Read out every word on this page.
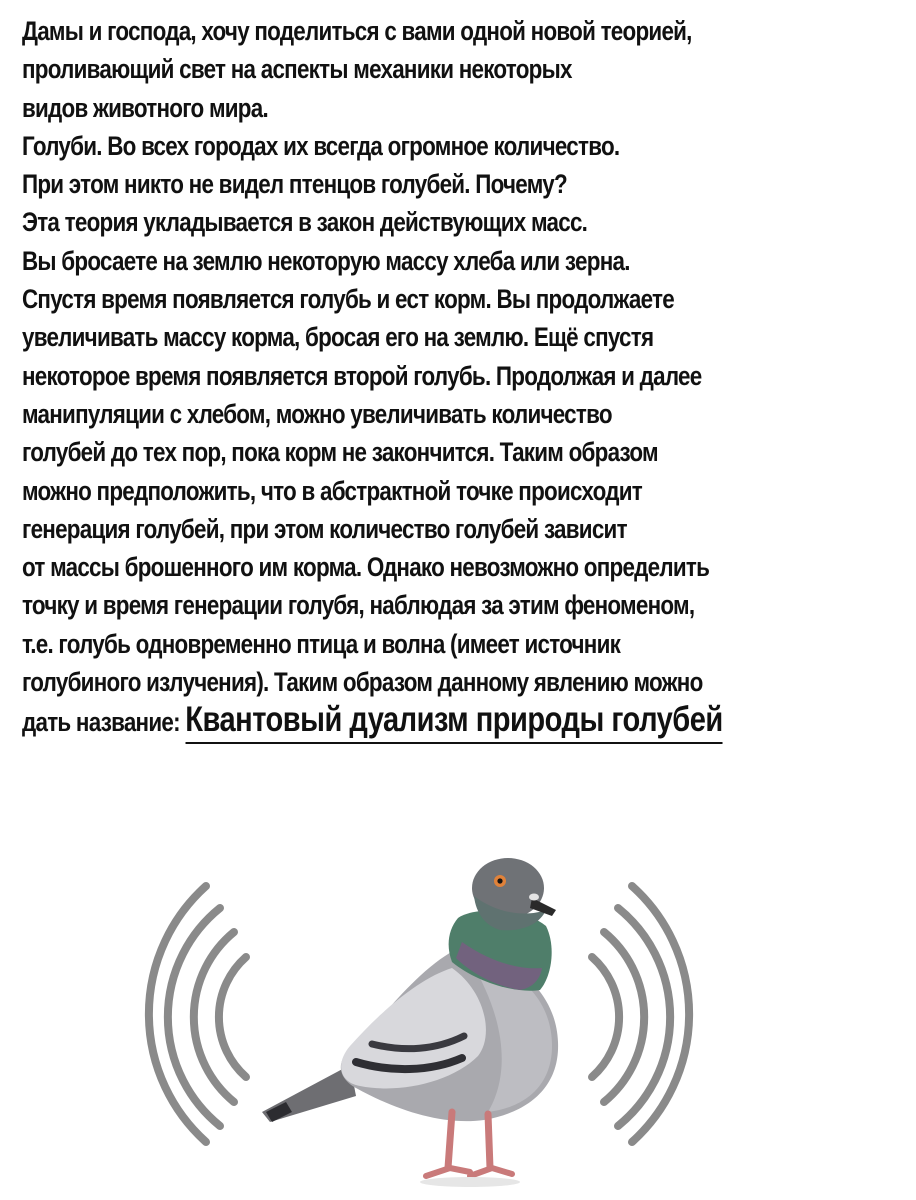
Дамы и господа, хочу поделиться с вами одной новой теорией,
проливающий свет на аспекты механики некоторых
видов животного мира.
Голуби. Во всех городах их всегда огромное количество.
При этом никто не видел птенцов голубей. Почему?
Эта теория укладывается в закон действующих масс.
Вы бросаете на землю некоторую массу хлеба или зерна.
Спустя время появляется голубь и ест корм. Вы продолжаете
увеличивать массу корма, бросая его на землю. Ещё спустя
некоторое время появляется второй голубь. Продолжая и далее
манипуляции с хлебом, можно увеличивать количество
голубей до тех пор, пока корм не закончится. Таким образом
можно предположить, что в абстрактной точке происходит
генерация голубей, при этом количество голубей зависит
от массы брошенного им корма. Однако невозможно определить
точку и время генерации голубя, наблюдая за этим феноменом,
т.е. голубь одновременно птица и волна (имеет источник
голубиного излучения). Таким образом данному явлению можно
дать название: Квантовый дуализм природы голубей
